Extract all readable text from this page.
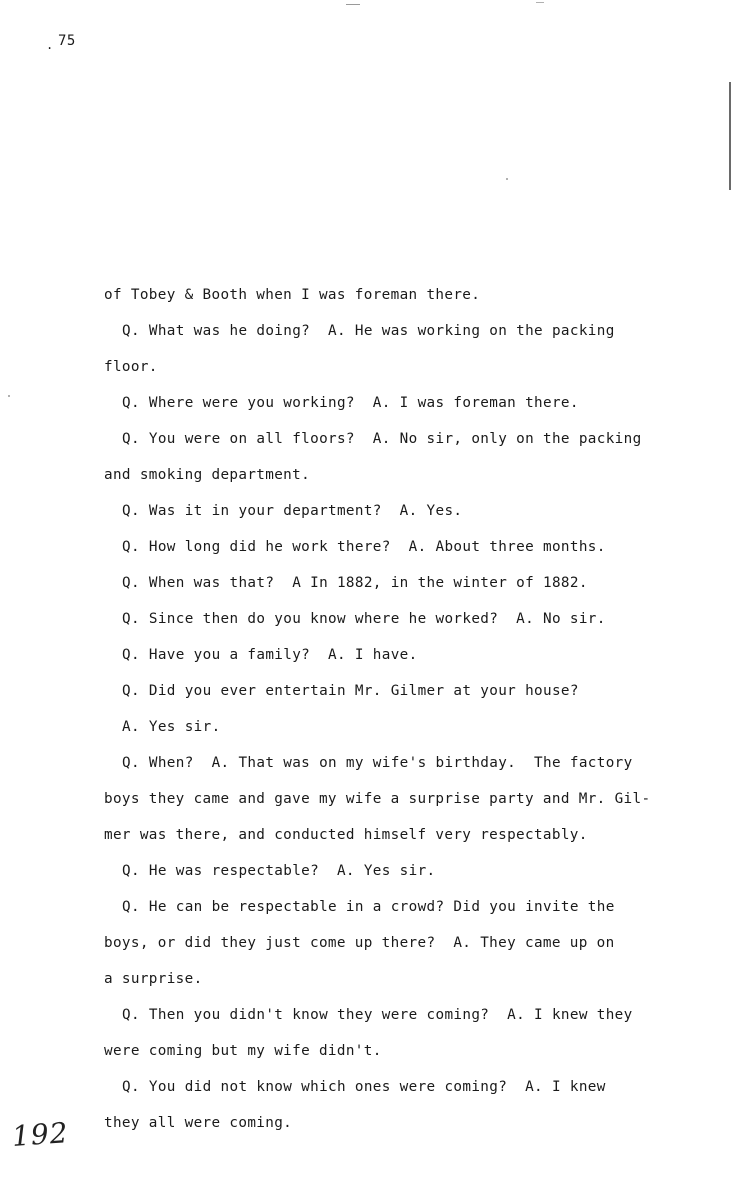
. 75
of Tobey & Booth when I was foreman there.
Q. What was he doing?  A. He was working on the packing
floor.
Q. Where were you working?  A. I was foreman there.
Q. You were on all floors?  A. No sir, only on the packing
and smoking department.
Q. Was it in your department?  A. Yes.
Q. How long did he work there?  A. About three months.
Q. When was that?  A In 1882, in the winter of 1882.
Q. Since then do you know where he worked?  A. No sir.
Q. Have you a family?  A. I have.
Q. Did you ever entertain Mr. Gilmer at your house?
A. Yes sir.
Q. When?  A. That was on my wife's birthday.  The factory
boys they came and gave my wife a surprise party and Mr. Gil-
mer was there, and conducted himself very respectably.
Q. He was respectable?  A. Yes sir.
Q. He can be respectable in a crowd? Did you invite the
boys, or did they just come up there?  A. They came up on
a surprise.
Q. Then you didn't know they were coming?  A. I knew they
were coming but my wife didn't.
Q. You did not know which ones were coming?  A. I knew
they all were coming.
192
